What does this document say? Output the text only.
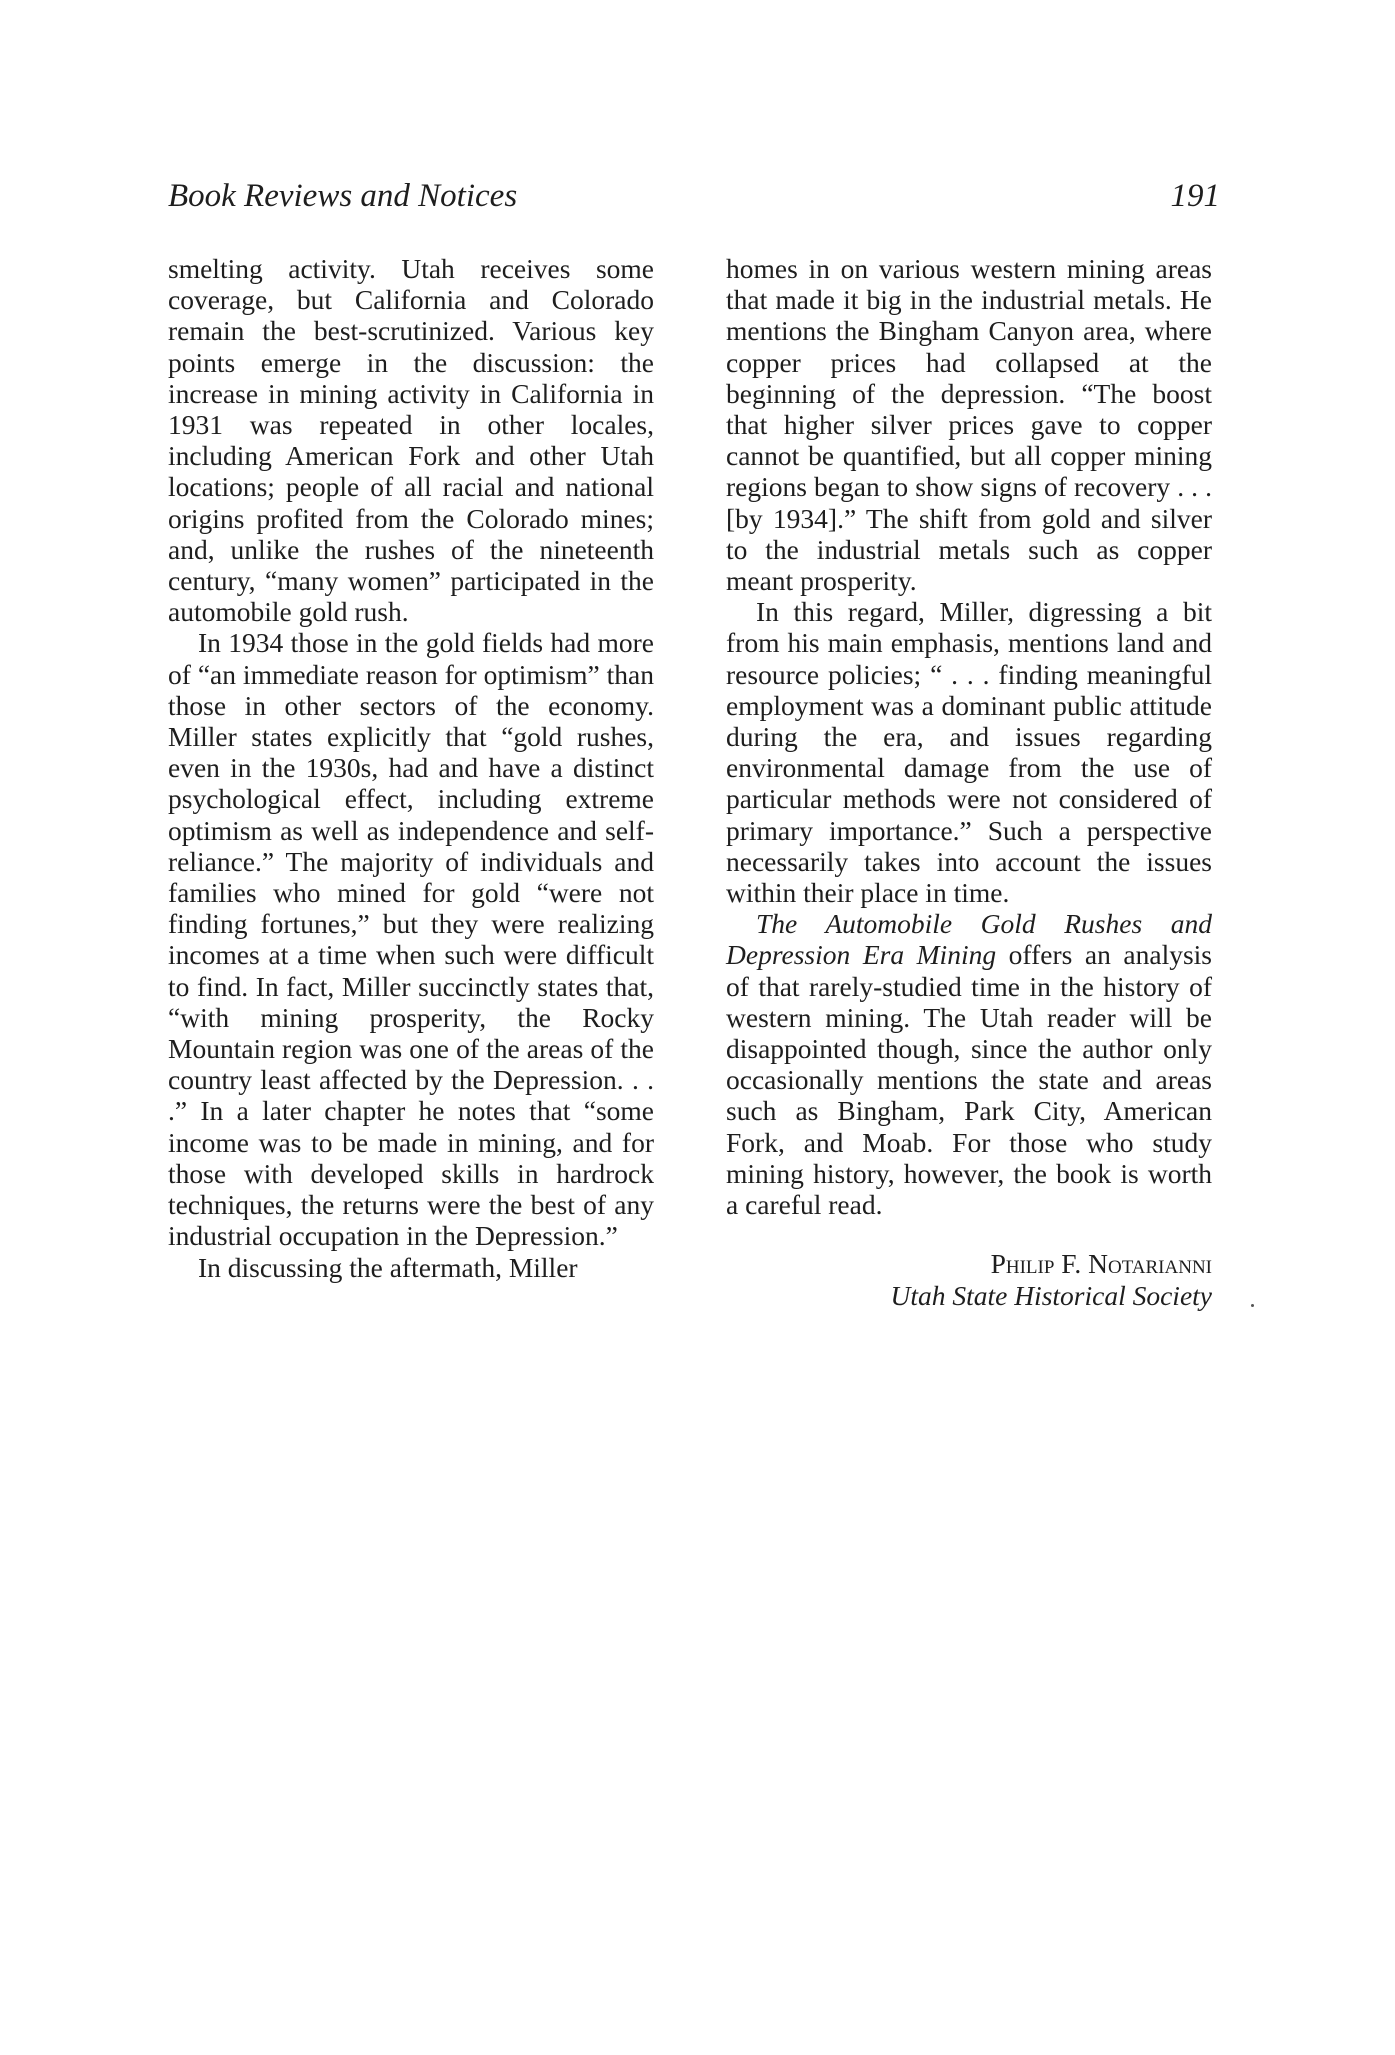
Book Reviews and Notices	191

smelting activity. Utah receives some coverage, but California and Colorado remain the best-scrutinized. Various key points emerge in the discussion: the increase in mining activity in California in 1931 was repeated in other locales, including American Fork and other Utah locations; people of all racial and national origins profited from the Colorado mines; and, unlike the rushes of the nineteenth century, “many women” participated in the automobile gold rush.

In 1934 those in the gold fields had more of “an immediate reason for optimism” than those in other sectors of the economy. Miller states explicitly that “gold rushes, even in the 1930s, had and have a distinct psychological effect, including extreme optimism as well as independence and self-reliance.” The majority of individuals and families who mined for gold “were not finding fortunes,” but they were realizing incomes at a time when such were difficult to find. In fact, Miller succinctly states that, “with mining prosperity, the Rocky Mountain region was one of the areas of the country least affected by the Depression. . . .” In a later chapter he notes that “some income was to be made in mining, and for those with developed skills in hardrock techniques, the returns were the best of any industrial occupation in the Depression.”

In discussing the aftermath, Miller

homes in on various western mining areas that made it big in the industrial metals. He mentions the Bingham Canyon area, where copper prices had collapsed at the beginning of the depression. “The boost that higher silver prices gave to copper cannot be quantified, but all copper mining regions began to show signs of recovery . . . [by 1934].” The shift from gold and silver to the industrial metals such as copper meant prosperity.

In this regard, Miller, digressing a bit from his main emphasis, mentions land and resource policies; “ . . . finding meaningful employment was a dominant public attitude during the era, and issues regarding environmental damage from the use of particular methods were not considered of primary importance.” Such a perspective necessarily takes into account the issues within their place in time.

The Automobile Gold Rushes and Depression Era Mining offers an analysis of that rarely-studied time in the history of western mining. The Utah reader will be disappointed though, since the author only occasionally mentions the state and areas such as Bingham, Park City, American Fork, and Moab. For those who study mining history, however, the book is worth a careful read.

Philip F. Notarianni
Utah State Historical Society
